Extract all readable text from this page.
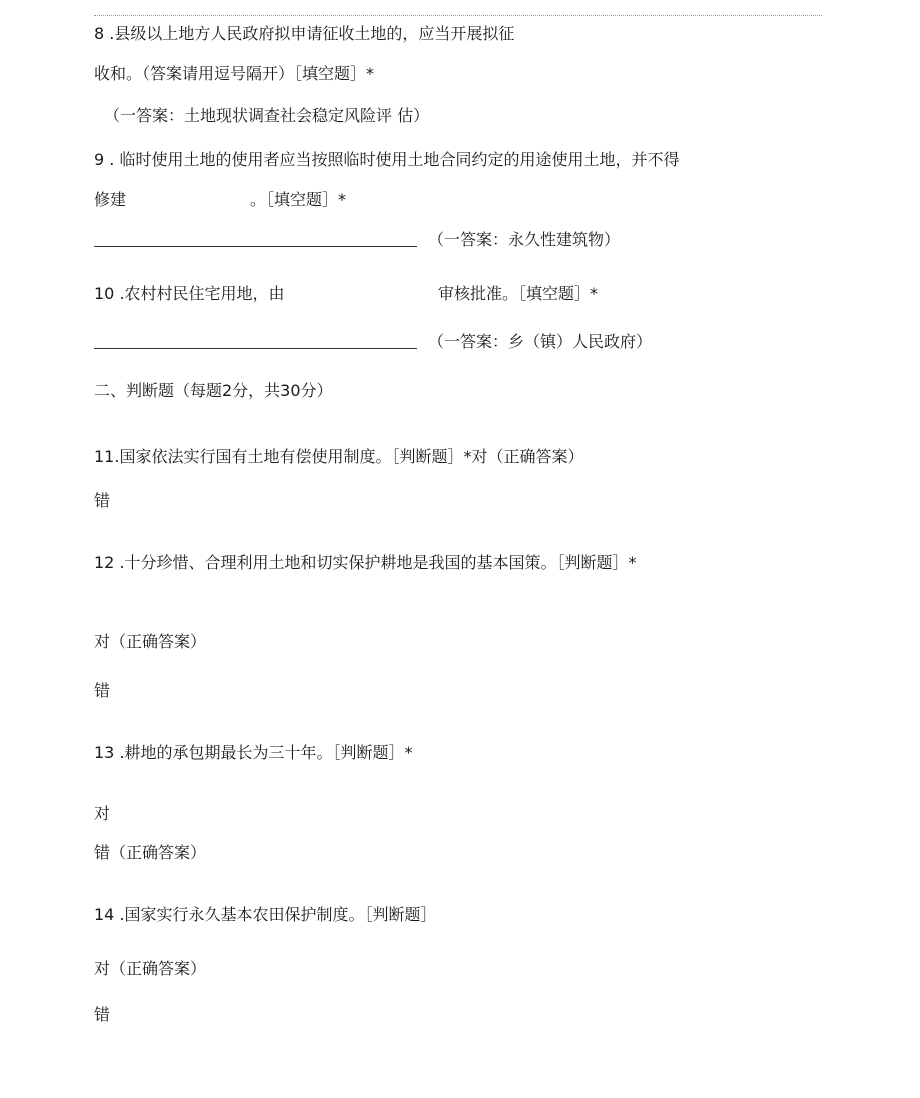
8 .县级以上地方人民政府拟申请征收土地的，应当开展拟征

收和。（答案请用逗号隔开）［填空题］*

（一答案：土地现状调查社会稳定风险评 估）

9 . 临时使用土地的使用者应当按照临时使用土地合同约定的用途使用土地，并不得

修建	。［填空题］*

（一答案：永久性建筑物）

10 .农村村民住宅用地，由	审核批准。［填空题］*

（一答案：乡（镇）人民政府）

二、判断题（每题2分，共30分）

11.国家依法实行国有土地有偿使用制度。［判断题］*对（正确答案）

错

12 .十分珍惜、合理利用土地和切实保护耕地是我国的基本国策。［判断题］*

对（正确答案）

错

13 .耕地的承包期最长为三十年。［判断题］*

对

错（正确答案）

14 .国家实行永久基本农田保护制度。［判断题］

对（正确答案）

错
